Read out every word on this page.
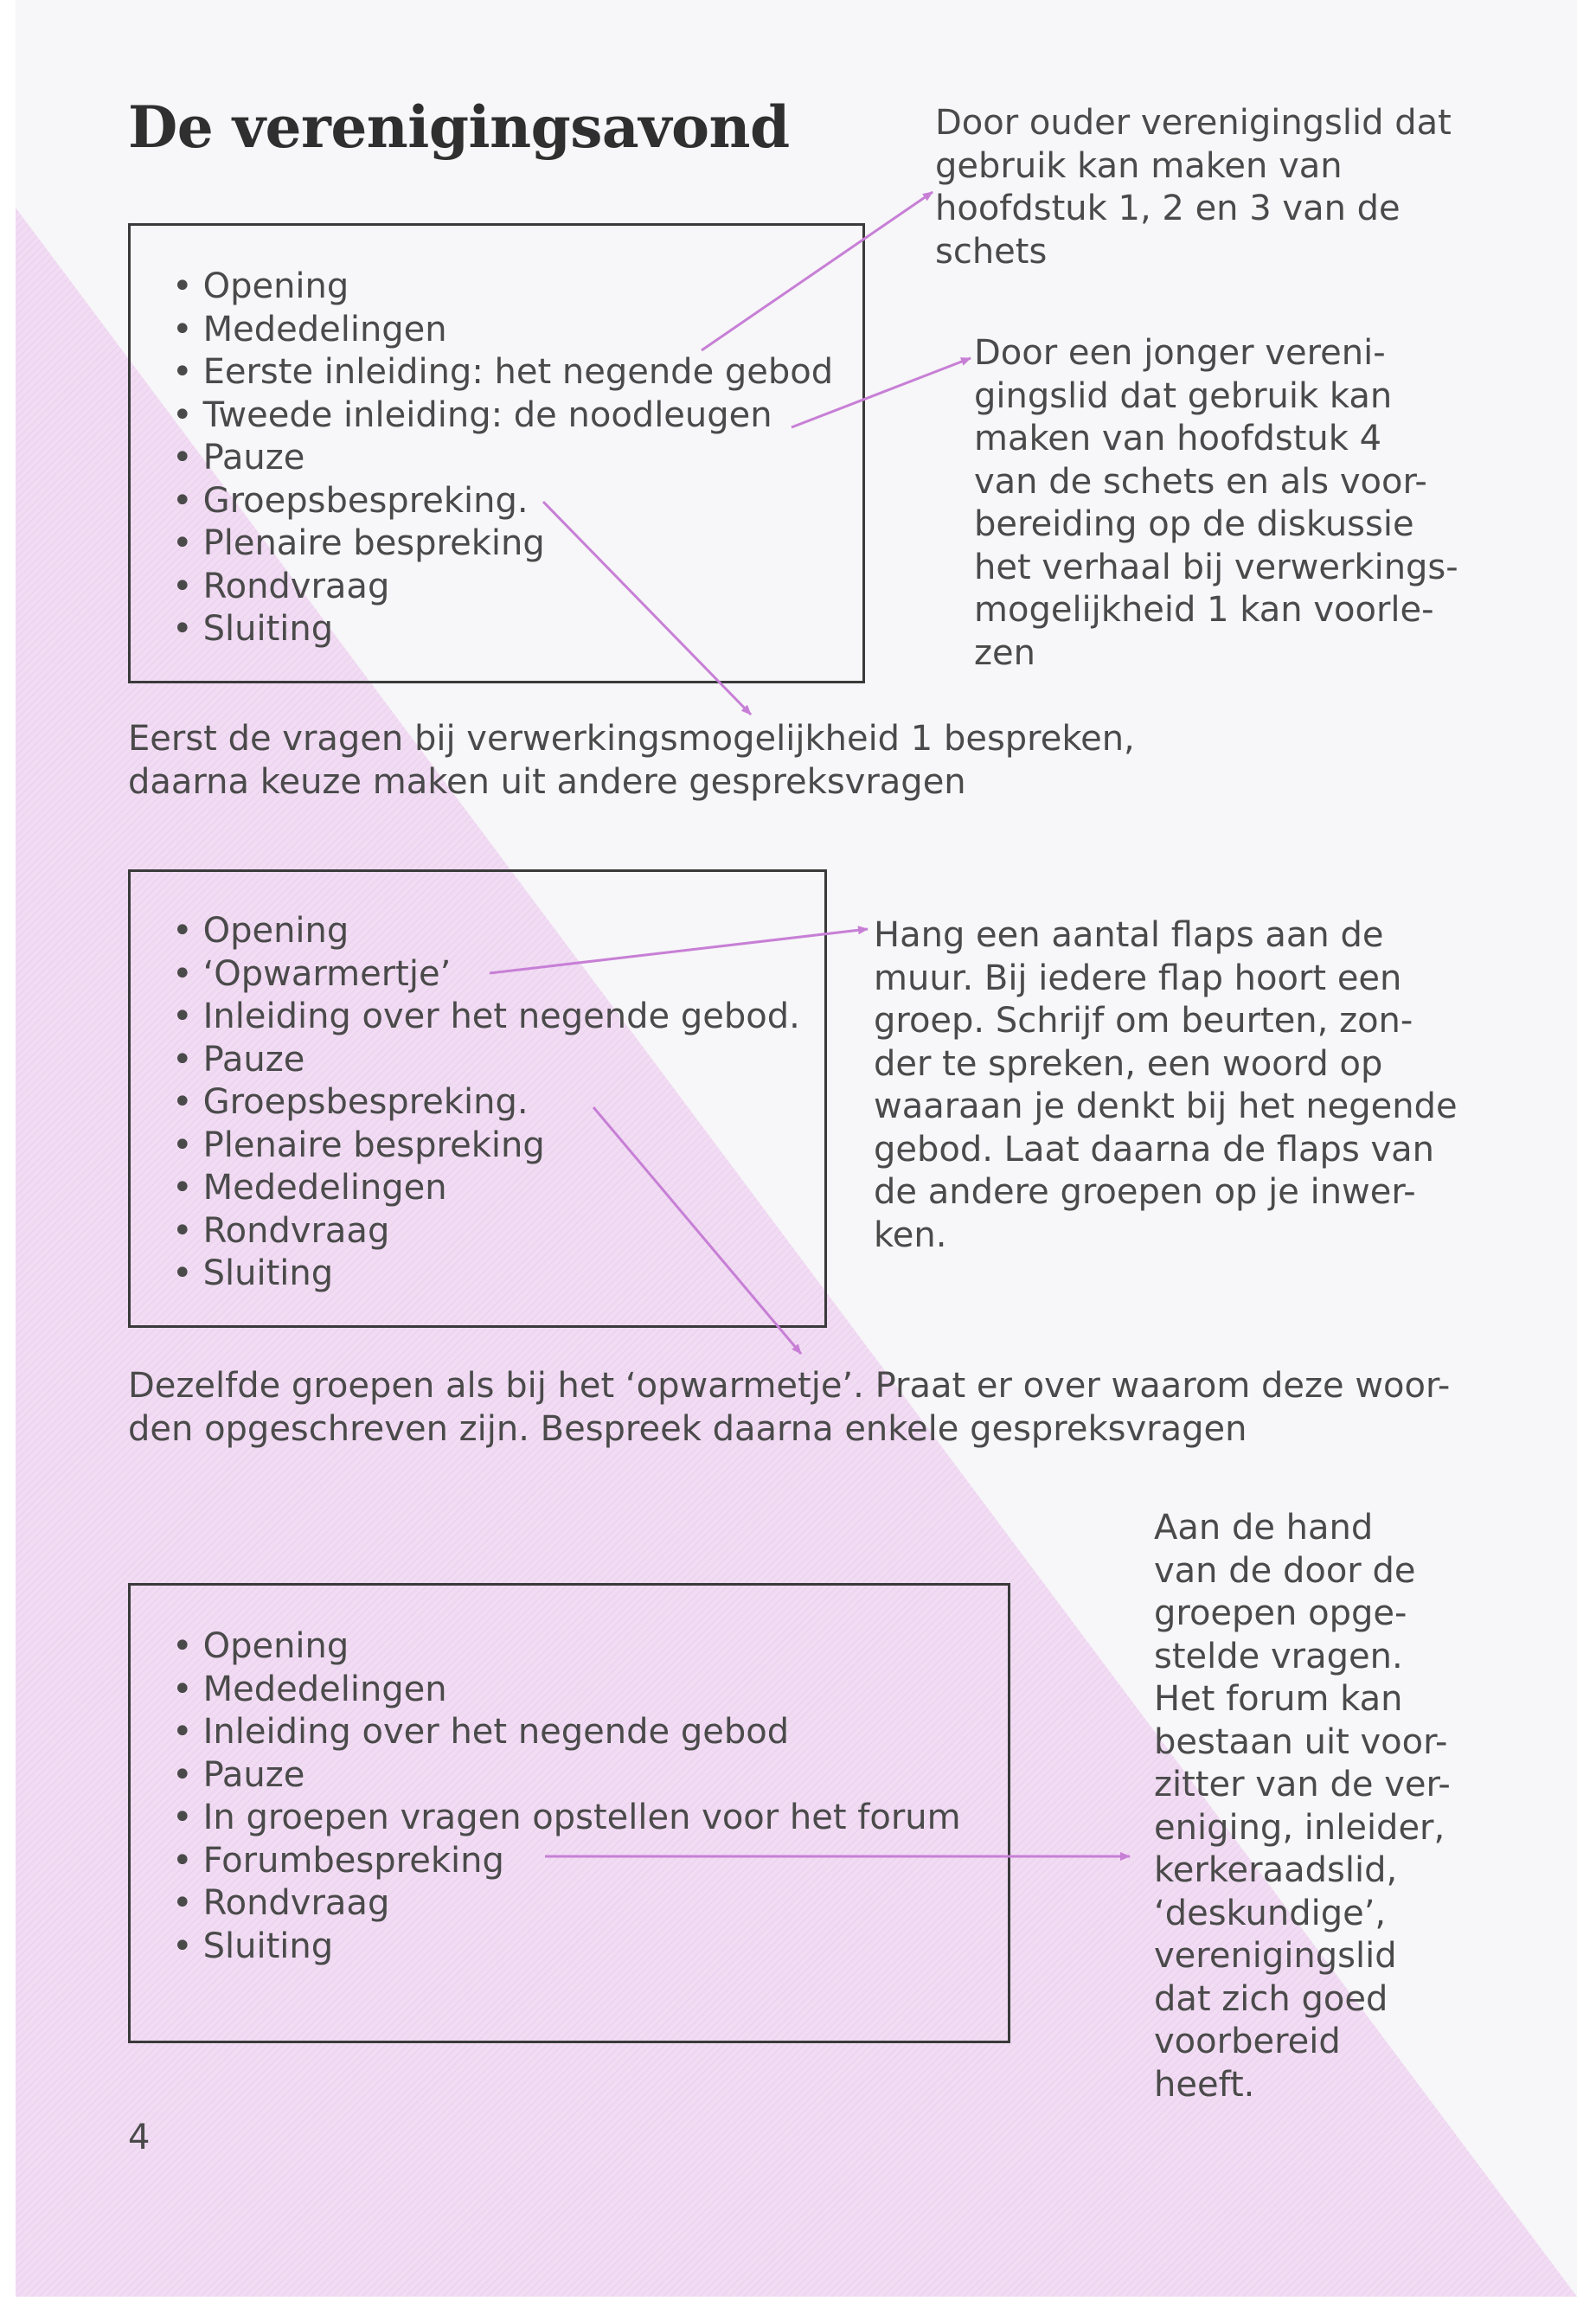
De verenigingsavond
• Opening
• Mededelingen
• Eerste inleiding: het negende gebod
• Tweede inleiding: de noodleugen
• Pauze
• Groepsbespreking.
• Plenaire bespreking
• Rondvraag
• Sluiting
Door ouder verenigingslid dat
gebruik kan maken van
hoofdstuk 1, 2 en 3 van de
schets
Door een jonger vereni-
gingslid dat gebruik kan
maken van hoofdstuk 4
van de schets en als voor-
bereiding op de diskussie
het verhaal bij verwerkings-
mogelijkheid 1 kan voorle-
zen
Eerst de vragen bij verwerkingsmogelijkheid 1 bespreken,
daarna keuze maken uit andere gespreksvragen
• Opening
• ‘Opwarmertje’
• Inleiding over het negende gebod.
• Pauze
• Groepsbespreking.
• Plenaire bespreking
• Mededelingen
• Rondvraag
• Sluiting
Hang een aantal flaps aan de
muur. Bij iedere flap hoort een
groep. Schrijf om beurten, zon-
der te spreken, een woord op
waaraan je denkt bij het negende
gebod. Laat daarna de flaps van
de andere groepen op je inwer-
ken.
Dezelfde groepen als bij het ‘opwarmetje’. Praat er over waarom deze woor-
den opgeschreven zijn. Bespreek daarna enkele gespreksvragen
• Opening
• Mededelingen
• Inleiding over het negende gebod
• Pauze
• In groepen vragen opstellen voor het forum
• Forumbespreking
• Rondvraag
• Sluiting
Aan de hand
van de door de
groepen opge-
stelde vragen.
Het forum kan
bestaan uit voor-
zitter van de ver-
eniging, inleider,
kerkeraadslid,
‘deskundige’,
verenigingslid
dat zich goed
voorbereid
heeft.
4
